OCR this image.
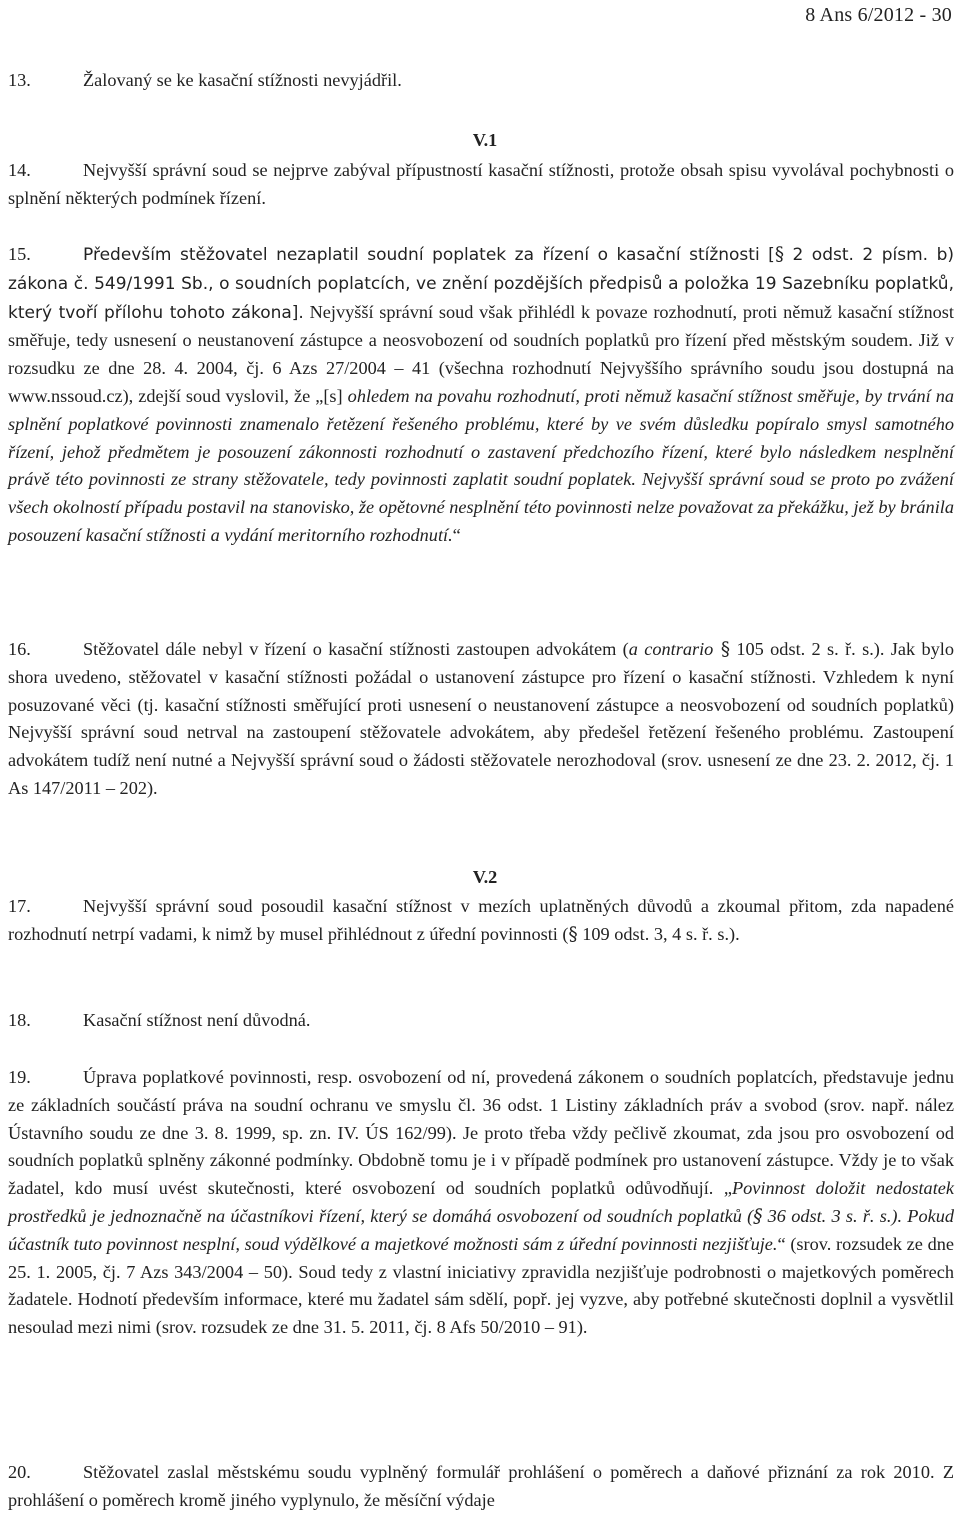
8 Ans 6/2012 - 30

13.	Žalovaný se ke kasační stížnosti nevyjádřil.

V.1

14.	Nejvyšší správní soud se nejprve zabýval přípustností kasační stížnosti, protože obsah spisu vyvolával pochybnosti o splnění některých podmínek řízení.

15.	Především stěžovatel nezaplatil soudní poplatek za řízení o kasační stížnosti [§ 2 odst. 2 písm. b) zákona č. 549/1991 Sb., o soudních poplatcích, ve znění pozdějších předpisů a položka 19 Sazebníku poplatků, který tvoří přílohu tohoto zákona]. Nejvyšší správní soud však přihlédl k povaze rozhodnutí, proti němuž kasační stížnost směřuje, tedy usnesení o neustanovení zástupce a neosvobození od soudních poplatků pro řízení před městským soudem. Již v rozsudku ze dne 28. 4. 2004, čj. 6 Azs 27/2004 – 41 (všechna rozhodnutí Nejvyššího správního soudu jsou dostupná na www.nssoud.cz), zdejší soud vyslovil, že „[s] ohledem na povahu rozhodnutí, proti němuž kasační stížnost směřuje, by trvání na splnění poplatkové povinnosti znamenalo řetězení řešeného problému, které by ve svém důsledku popíralo smysl samotného řízení, jehož předmětem je posouzení zákonnosti rozhodnutí o zastavení předchozího řízení, které bylo následkem nesplnění právě této povinnosti ze strany stěžovatele, tedy povinnosti zaplatit soudní poplatek. Nejvyšší správní soud se proto po zvážení všech okolností případu postavil na stanovisko, že opětovné nesplnění této povinnosti nelze považovat za překážku, jež by bránila posouzení kasační stížnosti a vydání meritorního rozhodnutí.“

16.	Stěžovatel dále nebyl v řízení o kasační stížnosti zastoupen advokátem (a contrario § 105 odst. 2 s. ř. s.). Jak bylo shora uvedeno, stěžovatel v kasační stížnosti požádal o ustanovení zástupce pro řízení o kasační stížnosti. Vzhledem k nyní posuzované věci (tj. kasační stížnosti směřující proti usnesení o neustanovení zástupce a neosvobození od soudních poplatků) Nejvyšší správní soud netrval na zastoupení stěžovatele advokátem, aby předešel řetězení řešeného problému. Zastoupení advokátem tudíž není nutné a Nejvyšší správní soud o žádosti stěžovatele nerozhodoval (srov. usnesení ze dne 23. 2. 2012, čj. 1 As 147/2011 – 202).

V.2

17.	Nejvyšší správní soud posoudil kasační stížnost v mezích uplatněných důvodů a zkoumal přitom, zda napadené rozhodnutí netrpí vadami, k nimž by musel přihlédnout z úřední povinnosti (§ 109 odst. 3, 4 s. ř. s.).

18.	Kasační stížnost není důvodná.

19.	Úprava poplatkové povinnosti, resp. osvobození od ní, provedená zákonem o soudních poplatcích, představuje jednu ze základních součástí práva na soudní ochranu ve smyslu čl. 36 odst. 1 Listiny základních práv a svobod (srov. např. nález Ústavního soudu ze dne 3. 8. 1999, sp. zn. IV. ÚS 162/99). Je proto třeba vždy pečlivě zkoumat, zda jsou pro osvobození od soudních poplatků splněny zákonné podmínky. Obdobně tomu je i v případě podmínek pro ustanovení zástupce. Vždy je to však žadatel, kdo musí uvést skutečnosti, které osvobození od soudních poplatků odůvodňují. „Povinnost doložit nedostatek prostředků je jednoznačně na účastníkovi řízení, který se domáhá osvobození od soudních poplatků (§ 36 odst. 3 s. ř. s.). Pokud účastník tuto povinnost nesplní, soud výdělkové a majetkové možnosti sám z úřední povinnosti nezjišťuje.“ (srov. rozsudek ze dne 25. 1. 2005, čj. 7 Azs 343/2004 – 50). Soud tedy z vlastní iniciativy zpravidla nezjišťuje podrobnosti o majetkových poměrech žadatele. Hodnotí především informace, které mu žadatel sám sdělí, popř. jej vyzve, aby potřebné skutečnosti doplnil a vysvětlil nesoulad mezi nimi (srov. rozsudek ze dne 31. 5. 2011, čj. 8 Afs 50/2010 – 91).

20.	Stěžovatel zaslal městskému soudu vyplněný formulář prohlášení o poměrech a daňové přiznání za rok 2010. Z prohlášení o poměrech kromě jiného vyplynulo, že měsíční výdaje
